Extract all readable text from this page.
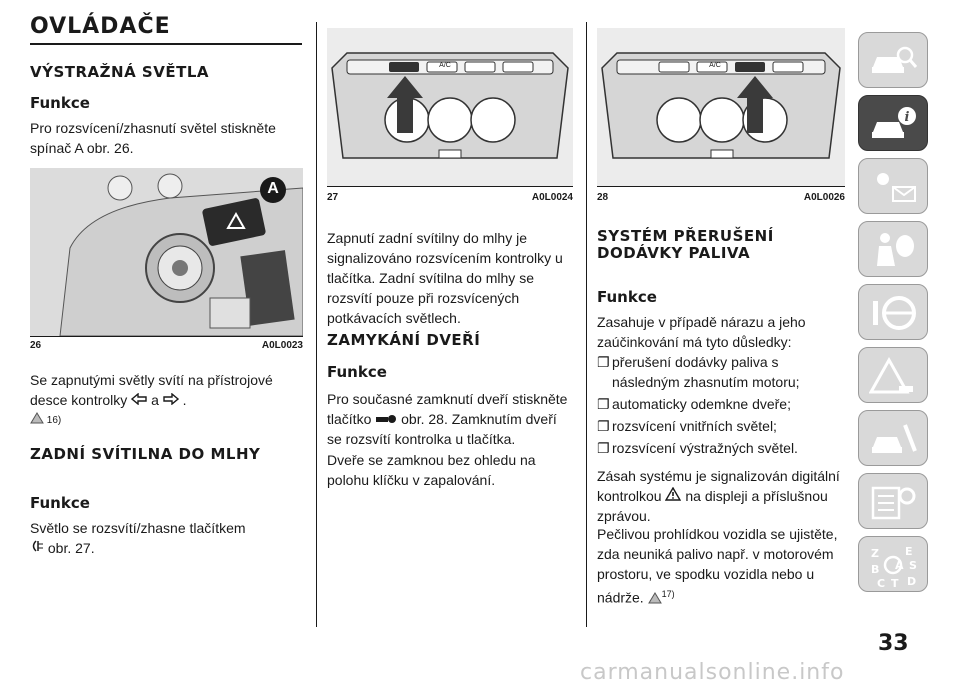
OVLÁDAČE
VÝSTRAŽNÁ SVĚTLA
Funkce

Pro rozsvícení/zhasnutí světel stiskněte spínač A obr. 26.

A
26	A0L0023

Se zapnutými světly svítí na přístrojové desce kontrolky a .

16)
ZADNÍ SVÍTILNA DO MLHY
Funkce

Světlo se rozsvítí/zhasne tlačítkem
obr. 27.

A/C
27	A0L0024

Zapnutí zadní svítilny do mlhy je signalizováno rozsvícením kontrolky u tlačítka. Zadní svítilna do mlhy se rozsvítí pouze při rozsvícených potkávacích světlech.

ZAMYKÁNÍ DVEŘÍ
Funkce

Pro současné zamknutí dveří stiskněte tlačítko obr. 28. Zamknutím dveří se rozsvítí kontrolka u tlačítka.

Dveře se zamknou bez ohledu na polohu klíčku v zapalování.

A/C
28	A0L0026
SYSTÉM PŘERUŠENÍ DODÁVKY PALIVA
Funkce

Zasahuje v případě nárazu a jeho zaúčinkování má tyto důsledky:

❐ přerušení dodávky paliva s následným zhasnutím motoru;
❐ automaticky odemkne dveře;
❐ rozsvícení vnitřních světel;
❐ rozsvícení výstražných světel.

Zásah systému je signalizován digitální kontrolkou na displeji a příslušnou zprávou.

Pečlivou prohlídkou vozidla se ujistěte, zda neuniká palivo např. v motorovém prostoru, ve spodku vozidla nebo u nádrže. $^{17)}$

i
Z E
S
B A
C T D
33
carmanualsonline.info
